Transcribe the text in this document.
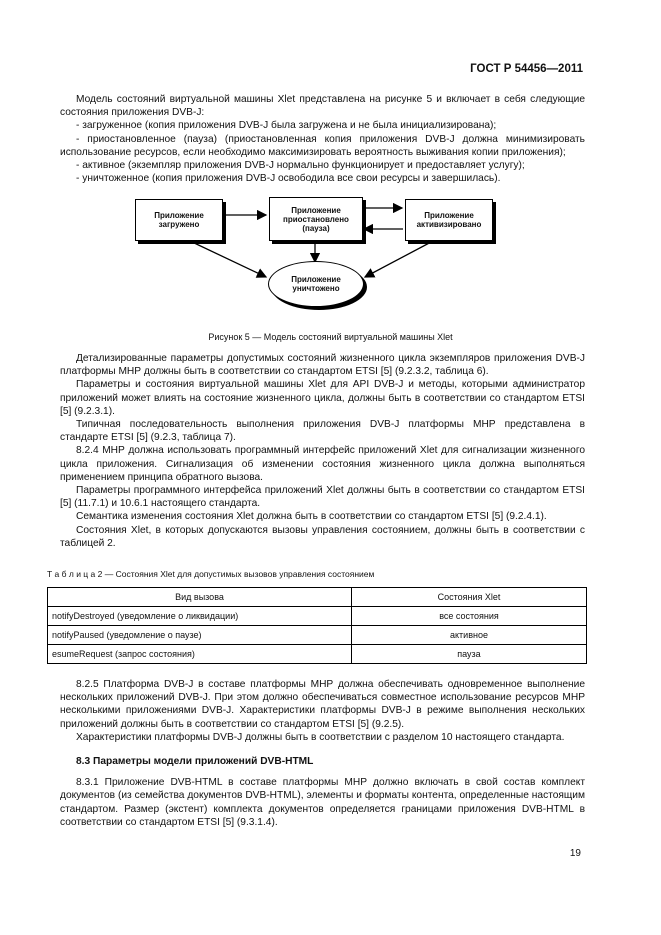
ГОСТ Р 54456—2011

Модель состояний виртуальной машины Xlet представлена на рисунке 5 и включает в себя следующие состояния приложения DVB-J:

- загруженное (копия приложения DVB-J была загружена и не была инициализирована);

- приостановленное (пауза) (приостановленная копия приложения DVB-J должна минимизировать использование ресурсов, если необходимо максимизировать вероятность выживания копии приложения);

- активное (экземпляр приложения DVB-J нормально функционирует и предоставляет услугу);

- уничтоженное (копия приложения DVB-J освободила все свои ресурсы и завершилась).

Приложение загружено
Приложение приостановлено (пауза)
Приложение активизировано
Приложение уничтожено
Рисунок 5 — Модель состояний виртуальной машины Xlet

Детализированные параметры допустимых состояний жизненного цикла экземпляров приложения DVB-J платформы МНР должны быть в соответствии со стандартом ETSI [5] (9.2.3.2, таблица 6).

Параметры и состояния виртуальной машины Xlet для API DVB-J и методы, которыми администратор приложений может влиять на состояние жизненного цикла, должны быть в соответствии со стандартом ETSI [5] (9.2.3.1).

Типичная последовательность выполнения приложения DVB-J платформы МНР представлена в стандарте ETSI [5] (9.2.3, таблица 7).

8.2.4 МНР должна использовать программный интерфейс приложений Xlet для сигнализации жизненного цикла приложения. Сигнализация об изменении состояния жизненного цикла должна выполняться применением принципа обратного вызова.

Параметры программного интерфейса приложений Xlet должны быть в соответствии со стандартом ETSI [5] (11.7.1) и 10.6.1 настоящего стандарта.

Семантика изменения состояния Xlet должна быть в соответствии со стандартом ETSI [5] (9.2.4.1).

Состояния Xlet, в которых допускаются вызовы управления состоянием, должны быть в соответствии с таблицей 2.

Т а б л и ц а 2 — Состояния Xlet для допустимых вызовов управления состоянием
Вид вызова	Состояния Xlet
notifyDestroyed (уведомление о ликвидации)	все состояния
notifyPaused (уведомление о паузе)	активное
esumeRequest (запрос состояния)	пауза

8.2.5 Платформа DVB-J в составе платформы МНР должна обеспечивать одновременное выполнение нескольких приложений DVB-J. При этом должно обеспечиваться совместное использование ресурсов МНР несколькими приложениями DVB-J. Характеристики платформы DVB-J в режиме выполнения нескольких приложений должны быть в соответствии со стандартом ETSI [5] (9.2.5).

Характеристики платформы DVB-J должны быть в соответствии с разделом 10 настоящего стандарта.

8.3 Параметры модели приложений DVB-HTML

8.3.1 Приложение DVB-HTML в составе платформы МНР должно включать в свой состав комплект документов (из семейства документов DVB-HTML), элементы и форматы контента, определенные настоящим стандартом. Размер (экстент) комплекта документов определяется границами приложения DVB-HTML в соответствии со стандартом ETSI [5] (9.3.1.4).

19
